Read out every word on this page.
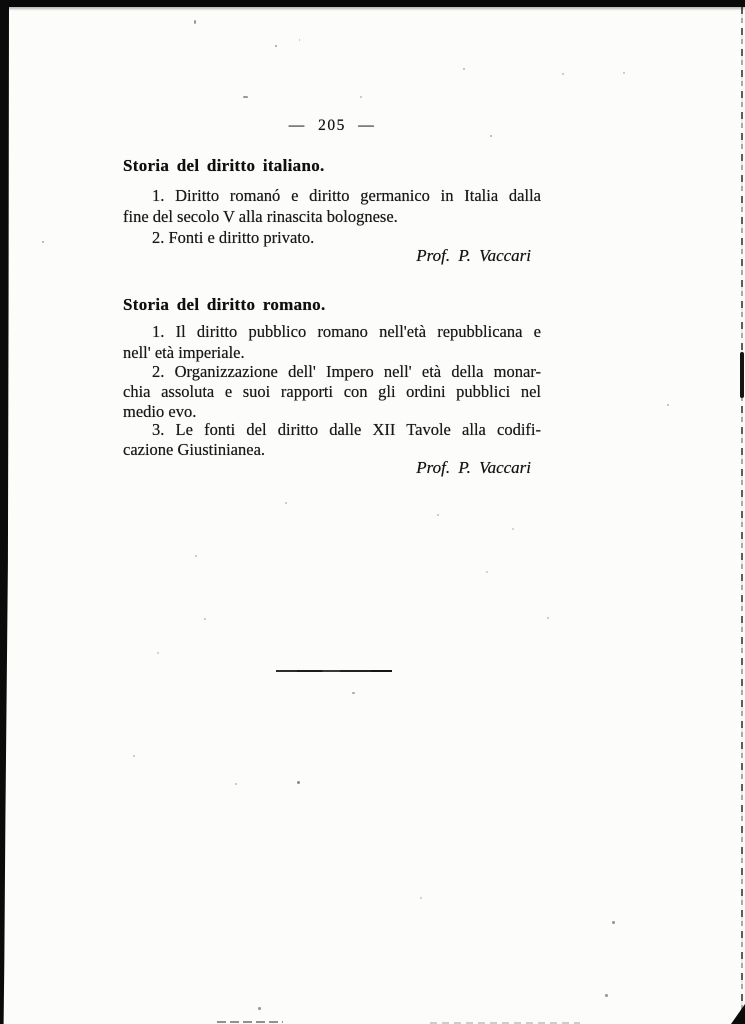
— 205 —
Storia del diritto italiano.
1. Diritto romanó e diritto germanico in Italia dalla
fine del secolo V alla rinascita bolognese.
2. Fonti e diritto privato.
Prof. P. Vaccari
Storia del diritto romano.
1. Il diritto pubblico romano nell'età repubblicana e
nell' età imperiale.
2. Organizzazione dell' Impero nell' età della monar-
chia assoluta e suoi rapporti con gli ordini pubblici nel
medio evo.
3. Le fonti del diritto dalle XII Tavole alla codifi-
cazione Giustinianea.
Prof. P. Vaccari
